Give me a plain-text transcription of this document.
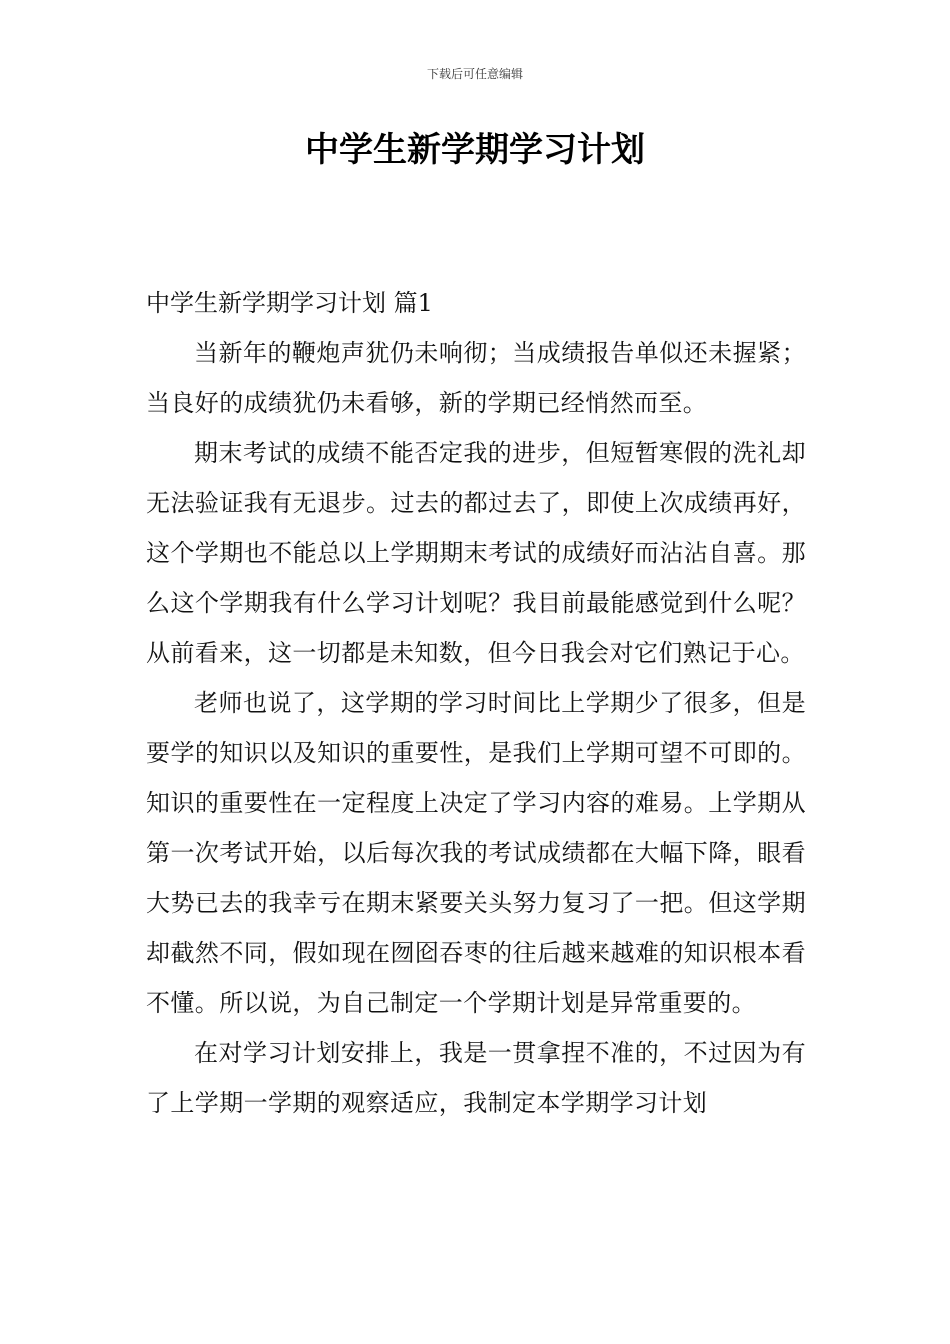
下载后可任意编辑
中学生新学期学习计划

中学生新学期学习计划 篇1

当新年的鞭炮声犹仍未响彻；当成绩报告单似还未握紧；当良好的成绩犹仍未看够，新的学期已经悄然而至。

期末考试的成绩不能否定我的进步，但短暂寒假的洗礼却无法验证我有无退步。过去的都过去了，即使上次成绩再好，这个学期也不能总以上学期期末考试的成绩好而沾沾自喜。那么这个学期我有什么学习计划呢？我目前最能感觉到什么呢？从前看来，这一切都是未知数，但今日我会对它们熟记于心。

老师也说了，这学期的学习时间比上学期少了很多，但是要学的知识以及知识的重要性，是我们上学期可望不可即的。知识的重要性在一定程度上决定了学习内容的难易。上学期从第一次考试开始，以后每次我的考试成绩都在大幅下降，眼看大势已去的我幸亏在期末紧要关头努力复习了一把。但这学期却截然不同，假如现在囫囵吞枣的往后越来越难的知识根本看不懂。所以说，为自己制定一个学期计划是异常重要的。

在对学习计划安排上，我是一贯拿捏不准的，不过因为有了上学期一学期的观察适应，我制定本学期学习计划
